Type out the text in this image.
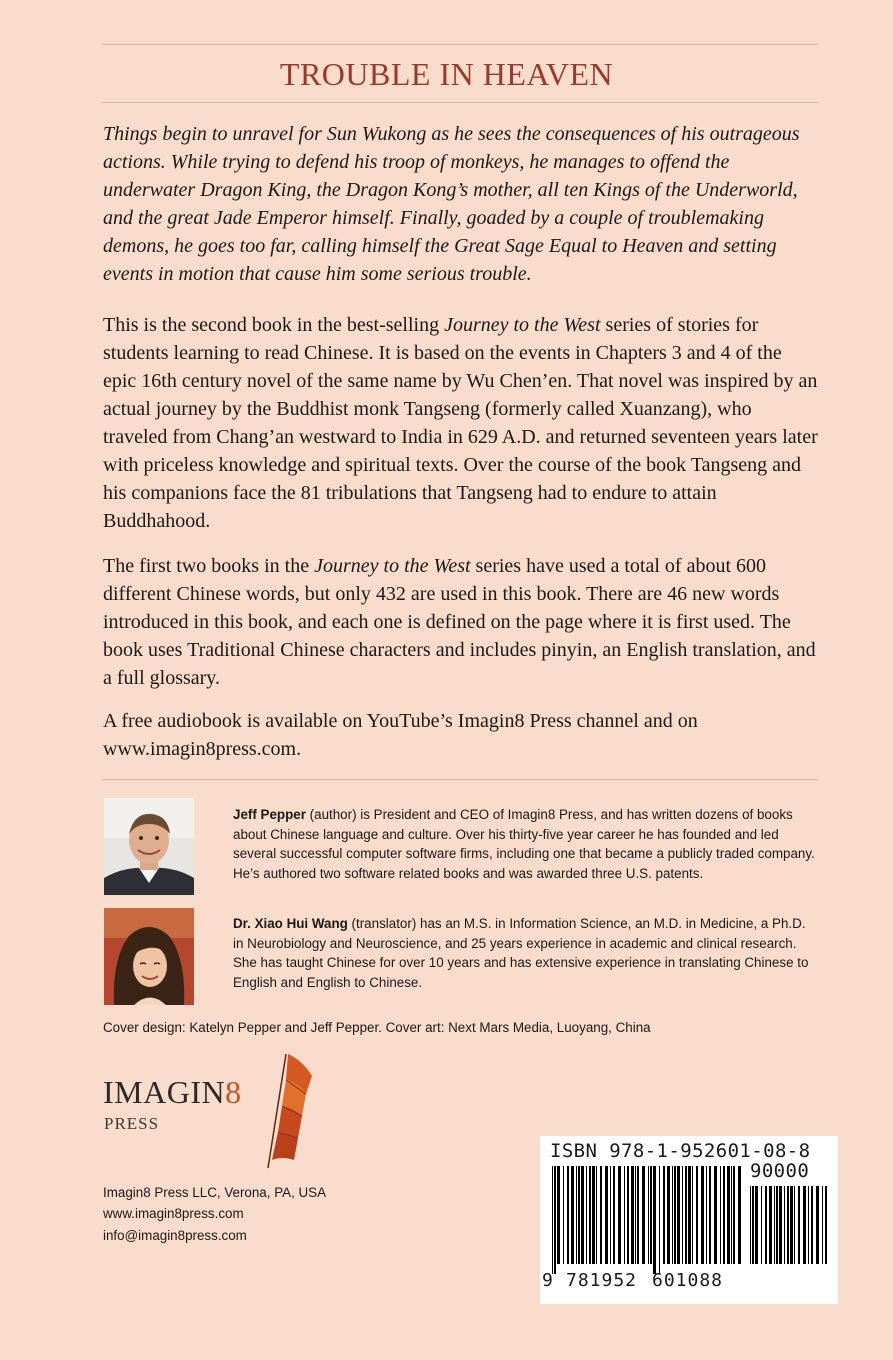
TROUBLE IN HEAVEN

Things begin to unravel for Sun Wukong as he sees the consequences of his outrageous actions. While trying to defend his troop of monkeys, he manages to offend the underwater Dragon King, the Dragon Kong’s mother, all ten Kings of the Underworld, and the great Jade Emperor himself. Finally, goaded by a couple of troublemaking demons, he goes too far, calling himself the Great Sage Equal to Heaven and setting events in motion that cause him some serious trouble.

This is the second book in the best-selling Journey to the West series of stories for students learning to read Chinese. It is based on the events in Chapters 3 and 4 of the epic 16th century novel of the same name by Wu Chen’en. That novel was inspired by an actual journey by the Buddhist monk Tangseng (formerly called Xuanzang), who traveled from Chang’an westward to India in 629 A.D. and returned seventeen years later with priceless knowledge and spiritual texts. Over the course of the book Tangseng and his companions face the 81 tribulations that Tangseng had to endure to attain Buddhahood.

The first two books in the Journey to the West series have used a total of about 600 different Chinese words, but only 432 are used in this book. There are 46 new words introduced in this book, and each one is defined on the page where it is first used. The book uses Traditional Chinese characters and includes pinyin, an English translation, and a full glossary.

A free audiobook is available on YouTube’s Imagin8 Press channel and on www.imagin8press.com.

Jeff Pepper (author) is President and CEO of Imagin8 Press, and has written dozens of books about Chinese language and culture. Over his thirty-five year career he has founded and led several successful computer software firms, including one that became a publicly traded company. He’s authored two software related books and was awarded three U.S. patents.

Dr. Xiao Hui Wang (translator) has an M.S. in Information Science, an M.D. in Medicine, a Ph.D. in Neurobiology and Neuroscience, and 25 years experience in academic and clinical research. She has taught Chinese for over 10 years and has extensive experience in translating Chinese to English and English to Chinese.

Cover design: Katelyn Pepper and Jeff Pepper. Cover art: Next Mars Media, Luoyang, China
IMAGIN8
PRESS
Imagin8 Press LLC, Verona, PA, USA
www.imagin8press.com
info@imagin8press.com
ISBN 978-1-952601-08-8
90000
9 781952 601088
